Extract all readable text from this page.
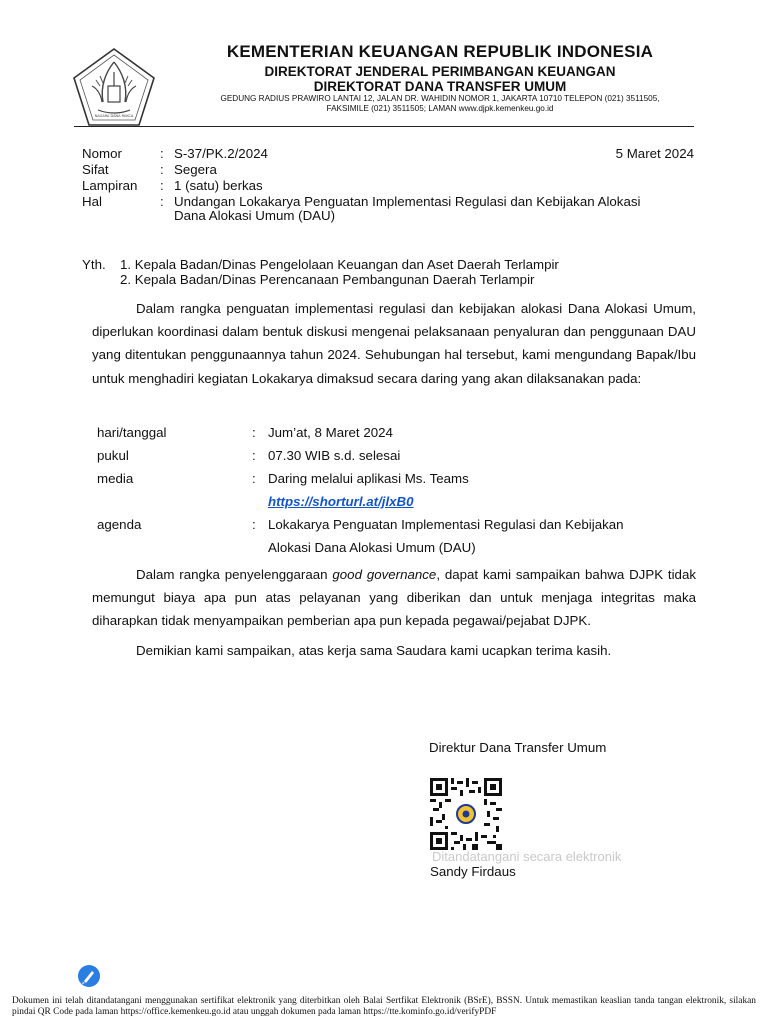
NAGARA DANA RAKCA
KEMENTERIAN KEUANGAN REPUBLIK INDONESIA
DIREKTORAT JENDERAL PERIMBANGAN KEUANGAN
DIREKTORAT DANA TRANSFER UMUM
GEDUNG RADIUS PRAWIRO LANTAI 12, JALAN DR. WAHIDIN NOMOR 1, JAKARTA 10710 TELEPON (021) 3511505,
FAKSIMILE (021) 3511505; LAMAN www.djpk.kemenkeu.go.id
Nomor	: S-37/PK.2/2024	5 Maret 2024
Sifat	: Segera
Lampiran : 1 (satu) berkas
Hal	: Undangan Lokakarya Penguatan Implementasi Regulasi dan Kebijakan Alokasi
Dana Alokasi Umum (DAU)
Yth. 1. Kepala Badan/Dinas Pengelolaan Keuangan dan Aset Daerah Terlampir
2. Kepala Badan/Dinas Perencanaan Pembangunan Daerah Terlampir

Dalam rangka penguatan implementasi regulasi dan kebijakan alokasi Dana Alokasi Umum, diperlukan koordinasi dalam bentuk diskusi mengenai pelaksanaan penyaluran dan penggunaan DAU yang ditentukan penggunaannya tahun 2024. Sehubungan hal tersebut, kami mengundang Bapak/Ibu untuk menghadiri kegiatan Lokakarya dimaksud secara daring yang akan dilaksanakan pada:

hari/tanggal	: Jum’at, 8 Maret 2024
pukul	: 07.30 WIB s.d. selesai
media	: Daring melalui aplikasi Ms. Teams
https://shorturl.at/jlxB0
agenda	: Lokakarya Penguatan Implementasi Regulasi dan Kebijakan
Alokasi Dana Alokasi Umum (DAU)

Dalam rangka penyelenggaraan good governance, dapat kami sampaikan bahwa DJPK tidak memungut biaya apa pun atas pelayanan yang diberikan dan untuk menjaga integritas maka diharapkan tidak menyampaikan pemberian apa pun kepada pegawai/pejabat DJPK.

Demikian kami sampaikan, atas kerja sama Saudara kami ucapkan terima kasih.

Direktur Dana Transfer Umum
Ditandatangani secara elektronik
Sandy Firdaus
Dokumen ini telah ditandatangani menggunakan sertifikat elektronik yang diterbitkan oleh Balai Sertfikat Elektronik (BSrE), BSSN. Untuk memastikan keaslian tanda tangan elektronik, silakan pindai QR Code pada laman https://office.kemenkeu.go.id atau unggah dokumen pada laman https://tte.kominfo.go.id/verifyPDF
